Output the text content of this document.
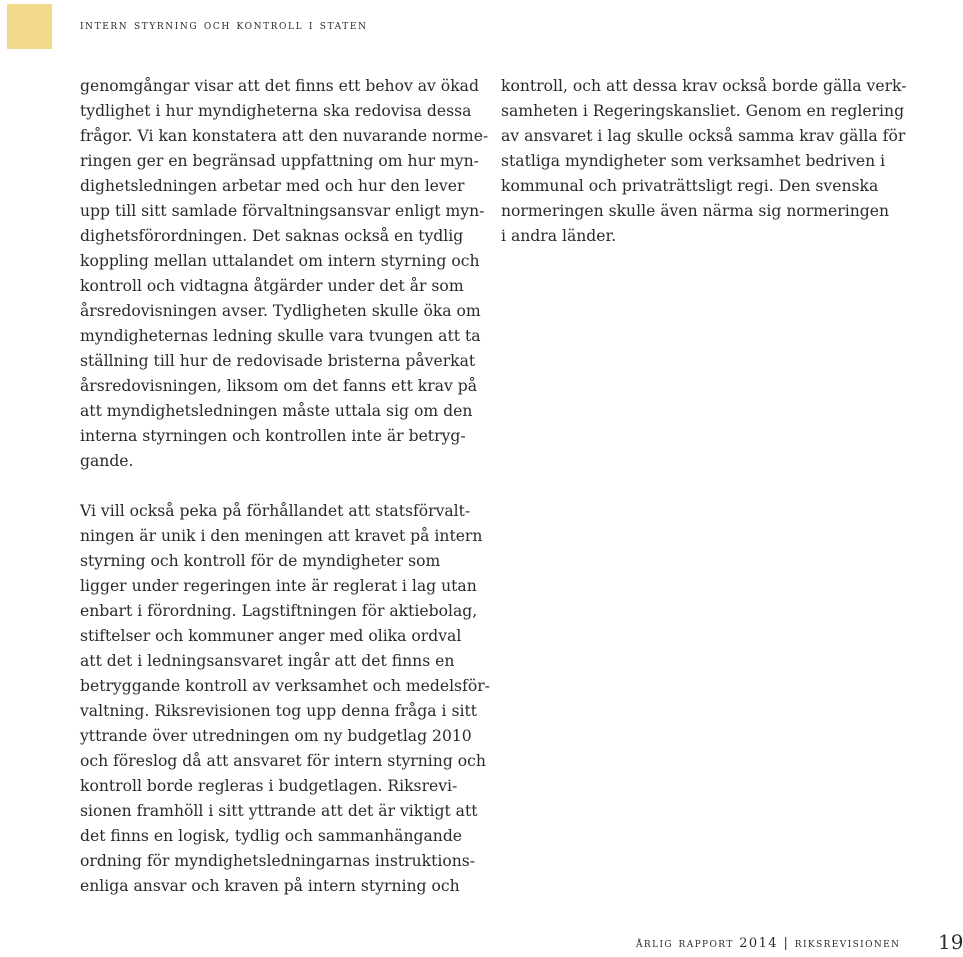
intern styrning och kontroll i staten

genomgångar visar att det finns ett behov av ökad
tydlighet i hur myndigheterna ska redovisa dessa
frågor. Vi kan konstatera att den nuvarande norme-
ringen ger en begränsad uppfattning om hur myn-
dighetsledningen arbetar med och hur den lever
upp till sitt samlade förvaltningsansvar enligt myn-
dighetsförordningen. Det saknas också en tydlig
koppling mellan uttalandet om intern styrning och
kontroll och vidtagna åtgärder under det år som
årsredovisningen avser. Tydligheten skulle öka om
myndigheternas ledning skulle vara tvungen att ta
ställning till hur de redovisade bristerna påverkat
årsredovisningen, liksom om det fanns ett krav på
att myndighetsledningen måste uttala sig om den
interna styrningen och kontrollen inte är betryg-
gande.

Vi vill också peka på förhållandet att statsförvalt-
ningen är unik i den meningen att kravet på intern
styrning och kontroll för de myndigheter som
ligger under regeringen inte är reglerat i lag utan
enbart i förordning. Lagstiftningen för aktiebolag,
stiftelser och kommuner anger med olika ordval
att det i ledningsansvaret ingår att det finns en
betryggande kontroll av verksamhet och medelsför-
valtning. Riksrevisionen tog upp denna fråga i sitt
yttrande över utredningen om ny budgetlag 2010
och föreslog då att ansvaret för intern styrning och
kontroll borde regleras i budgetlagen. Riksrevi-
sionen framhöll i sitt yttrande att det är viktigt att
det finns en logisk, tydlig och sammanhängande
ordning för myndighetsledningarnas instruktions-
enliga ansvar och kraven på intern styrning och

kontroll, och att dessa krav också borde gälla verk-
samheten i Regeringskansliet. Genom en reglering
av ansvaret i lag skulle också samma krav gälla för
statliga myndigheter som verksamhet bedriven i
kommunal och privaträttsligt regi. Den svenska
normeringen skulle även närma sig normeringen
i andra länder.

årlig rapport 2014 | riksrevisionen 19
